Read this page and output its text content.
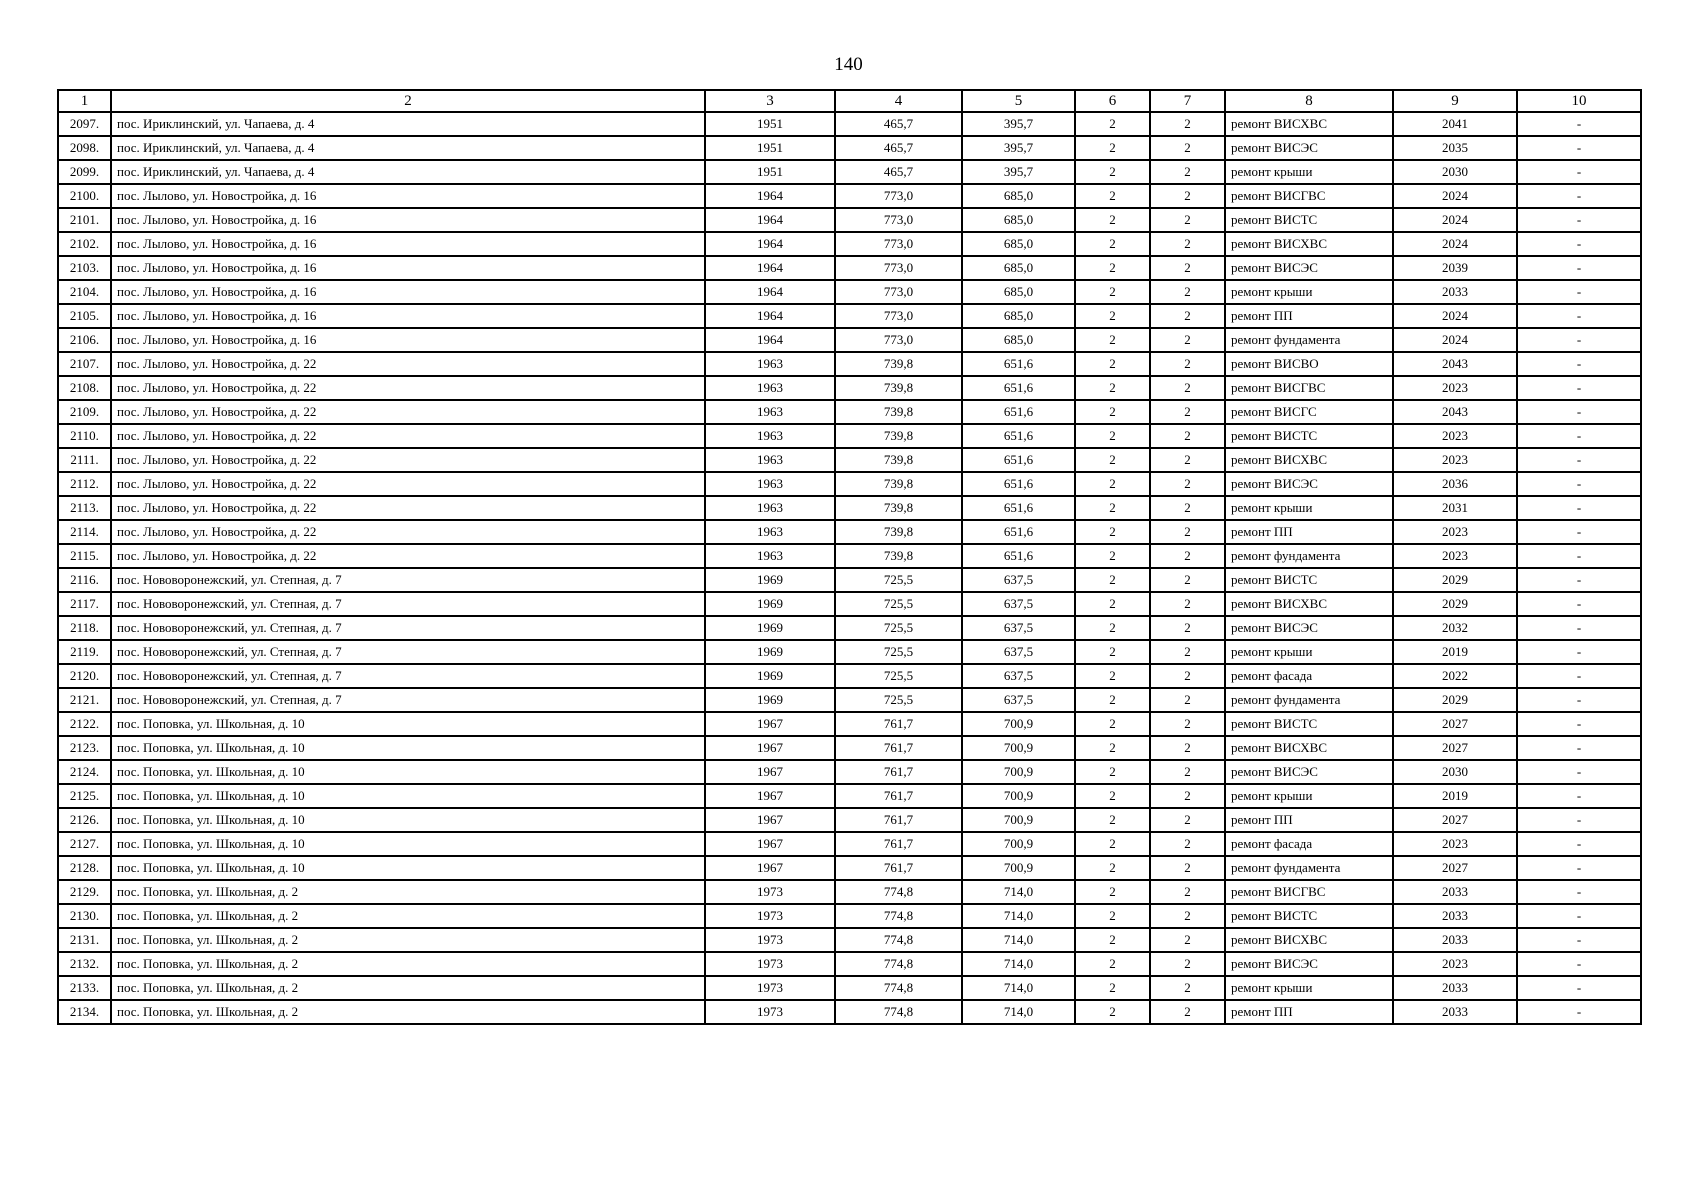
140
1	2	3	4	5	6	7	8	9	10
2097.	пос. Ириклинский, ул. Чапаева, д. 4	1951	465,7	395,7	2	2	ремонт ВИСХВС	2041	-
2098.	пос. Ириклинский, ул. Чапаева, д. 4	1951	465,7	395,7	2	2	ремонт ВИСЭС	2035	-
2099.	пос. Ириклинский, ул. Чапаева, д. 4	1951	465,7	395,7	2	2	ремонт крыши	2030	-
2100.	пос. Лылово, ул. Новостройка, д. 16	1964	773,0	685,0	2	2	ремонт ВИСГВС	2024	-
2101.	пос. Лылово, ул. Новостройка, д. 16	1964	773,0	685,0	2	2	ремонт ВИСТС	2024	-
2102.	пос. Лылово, ул. Новостройка, д. 16	1964	773,0	685,0	2	2	ремонт ВИСХВС	2024	-
2103.	пос. Лылово, ул. Новостройка, д. 16	1964	773,0	685,0	2	2	ремонт ВИСЭС	2039	-
2104.	пос. Лылово, ул. Новостройка, д. 16	1964	773,0	685,0	2	2	ремонт крыши	2033	-
2105.	пос. Лылово, ул. Новостройка, д. 16	1964	773,0	685,0	2	2	ремонт ПП	2024	-
2106.	пос. Лылово, ул. Новостройка, д. 16	1964	773,0	685,0	2	2	ремонт фундамента	2024	-
2107.	пос. Лылово, ул. Новостройка, д. 22	1963	739,8	651,6	2	2	ремонт ВИСВО	2043	-
2108.	пос. Лылово, ул. Новостройка, д. 22	1963	739,8	651,6	2	2	ремонт ВИСГВС	2023	-
2109.	пос. Лылово, ул. Новостройка, д. 22	1963	739,8	651,6	2	2	ремонт ВИСГС	2043	-
2110.	пос. Лылово, ул. Новостройка, д. 22	1963	739,8	651,6	2	2	ремонт ВИСТС	2023	-
2111.	пос. Лылово, ул. Новостройка, д. 22	1963	739,8	651,6	2	2	ремонт ВИСХВС	2023	-
2112.	пос. Лылово, ул. Новостройка, д. 22	1963	739,8	651,6	2	2	ремонт ВИСЭС	2036	-
2113.	пос. Лылово, ул. Новостройка, д. 22	1963	739,8	651,6	2	2	ремонт крыши	2031	-
2114.	пос. Лылово, ул. Новостройка, д. 22	1963	739,8	651,6	2	2	ремонт ПП	2023	-
2115.	пос. Лылово, ул. Новостройка, д. 22	1963	739,8	651,6	2	2	ремонт фундамента	2023	-
2116.	пос. Нововоронежский, ул. Степная, д. 7	1969	725,5	637,5	2	2	ремонт ВИСТС	2029	-
2117.	пос. Нововоронежский, ул. Степная, д. 7	1969	725,5	637,5	2	2	ремонт ВИСХВС	2029	-
2118.	пос. Нововоронежский, ул. Степная, д. 7	1969	725,5	637,5	2	2	ремонт ВИСЭС	2032	-
2119.	пос. Нововоронежский, ул. Степная, д. 7	1969	725,5	637,5	2	2	ремонт крыши	2019	-
2120.	пос. Нововоронежский, ул. Степная, д. 7	1969	725,5	637,5	2	2	ремонт фасада	2022	-
2121.	пос. Нововоронежский, ул. Степная, д. 7	1969	725,5	637,5	2	2	ремонт фундамента	2029	-
2122.	пос. Поповка, ул. Школьная, д. 10	1967	761,7	700,9	2	2	ремонт ВИСТС	2027	-
2123.	пос. Поповка, ул. Школьная, д. 10	1967	761,7	700,9	2	2	ремонт ВИСХВС	2027	-
2124.	пос. Поповка, ул. Школьная, д. 10	1967	761,7	700,9	2	2	ремонт ВИСЭС	2030	-
2125.	пос. Поповка, ул. Школьная, д. 10	1967	761,7	700,9	2	2	ремонт крыши	2019	-
2126.	пос. Поповка, ул. Школьная, д. 10	1967	761,7	700,9	2	2	ремонт ПП	2027	-
2127.	пос. Поповка, ул. Школьная, д. 10	1967	761,7	700,9	2	2	ремонт фасада	2023	-
2128.	пос. Поповка, ул. Школьная, д. 10	1967	761,7	700,9	2	2	ремонт фундамента	2027	-
2129.	пос. Поповка, ул. Школьная, д. 2	1973	774,8	714,0	2	2	ремонт ВИСГВС	2033	-
2130.	пос. Поповка, ул. Школьная, д. 2	1973	774,8	714,0	2	2	ремонт ВИСТС	2033	-
2131.	пос. Поповка, ул. Школьная, д. 2	1973	774,8	714,0	2	2	ремонт ВИСХВС	2033	-
2132.	пос. Поповка, ул. Школьная, д. 2	1973	774,8	714,0	2	2	ремонт ВИСЭС	2023	-
2133.	пос. Поповка, ул. Школьная, д. 2	1973	774,8	714,0	2	2	ремонт крыши	2033	-
2134.	пос. Поповка, ул. Школьная, д. 2	1973	774,8	714,0	2	2	ремонт ПП	2033	-
